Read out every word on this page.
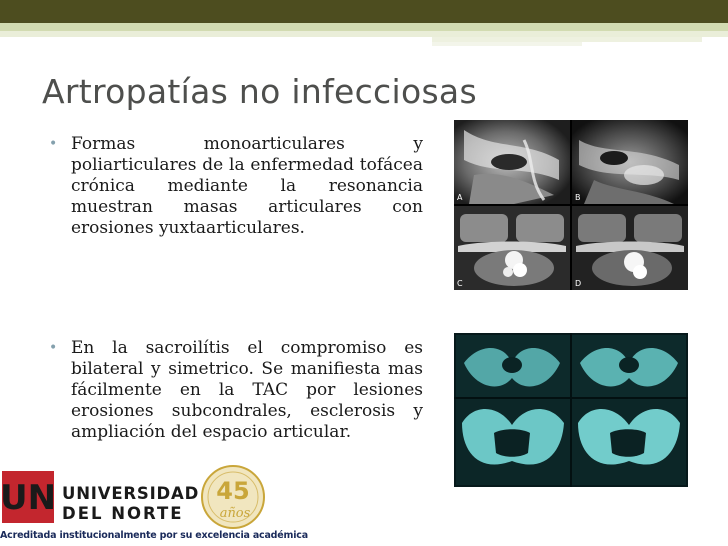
Artropatías no infecciosas
• Formas monoarticulares y poliarticulares de la enfermedad tofácea crónica mediante la resonancia muestran masas articulares con erosiones yuxtaarticulares.
• En la sacroilítis el compromiso es bilateral y simetrico. Se manifiesta mas fácilmente en la TAC por lesiones erosiones subcondrales, esclerosis y ampliación del espacio articular.
A	B
C	D
UN UNIVERSIDAD
DEL NORTE
45
años
Acreditada institucionalmente por su excelencia académica
